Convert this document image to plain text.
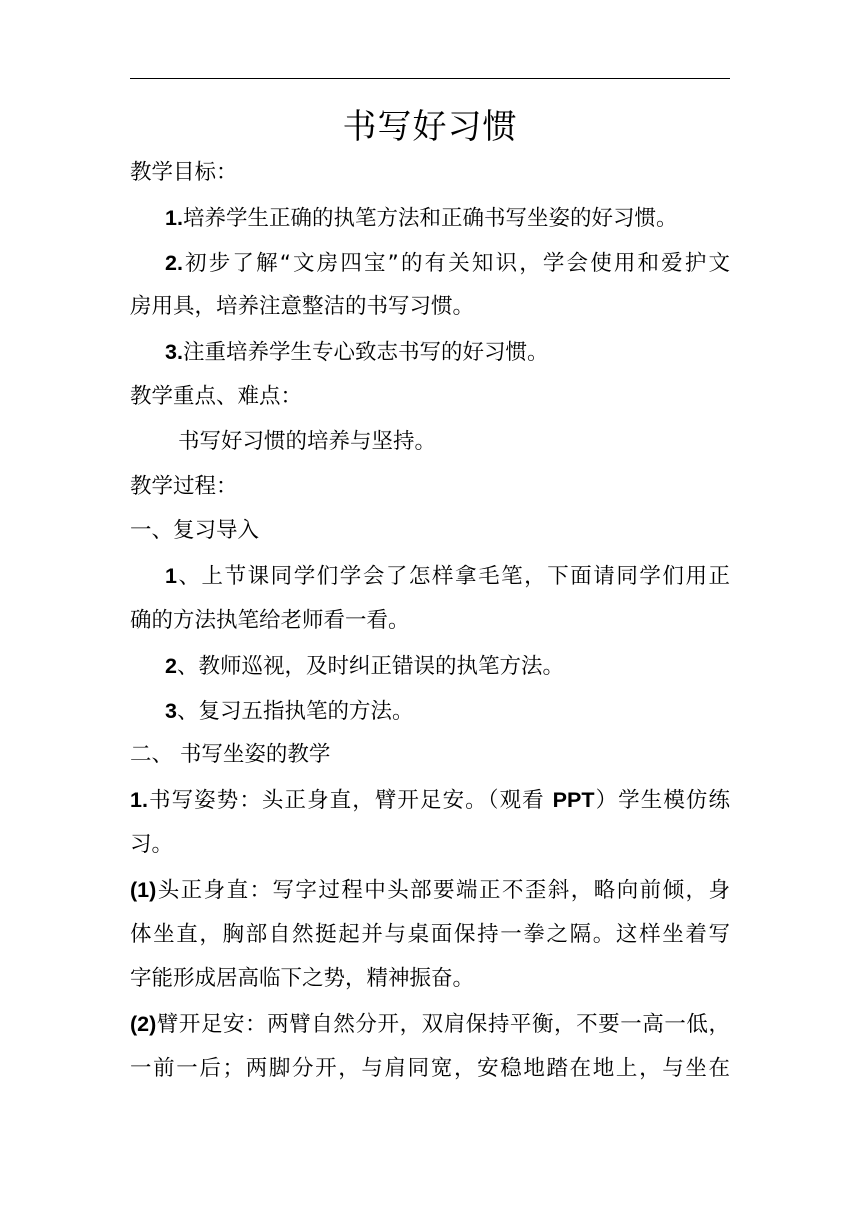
书写好习惯
教学目标：
1.培养学生正确的执笔方法和正确书写坐姿的好习惯。
2.初步了解“文房四宝”的有关知识，学会使用和爱护文
房用具，培养注意整洁的书写习惯。
3.注重培养学生专心致志书写的好习惯。
教学重点、难点：
书写好习惯的培养与坚持。
教学过程：
一、复习导入
1、上节课同学们学会了怎样拿毛笔，下面请同学们用正
确的方法执笔给老师看一看。
2、教师巡视，及时纠正错误的执笔方法。
3、复习五指执笔的方法。
二、 书写坐姿的教学
1.书写姿势：头正身直，臂开足安。（观看 PPT）学生模仿练
习。
(1)头正身直：写字过程中头部要端正不歪斜，略向前倾，身
体坐直，胸部自然挺起并与桌面保持一拳之隔。这样坐着写
字能形成居高临下之势，精神振奋。
(2)臂开足安：两臂自然分开，双肩保持平衡，不要一高一低，
一前一后；两脚分开，与肩同宽，安稳地踏在地上，与坐在
